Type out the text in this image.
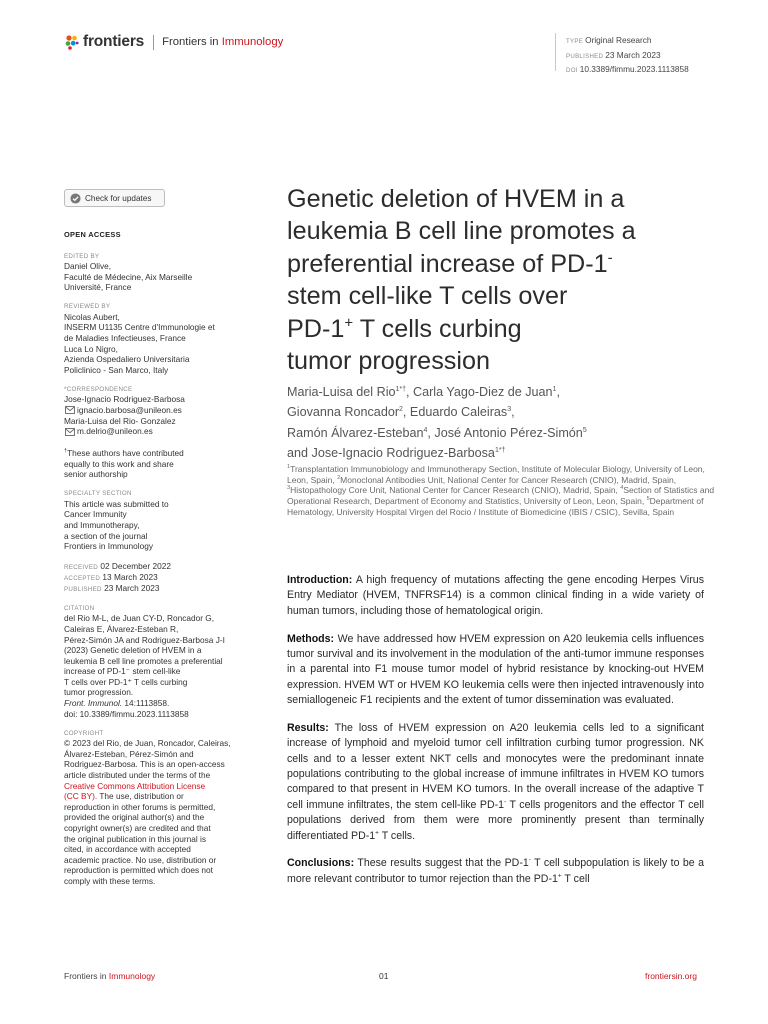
frontiers Frontiers in Immunology	TYPE Original Research
PUBLISHED 23 March 2023
DOI 10.3389/fimmu.2023.1113858
Check for updates
OPEN ACCESS
EDITED BY
Daniel Olive,
Faculté de Médecine, Aix Marseille
Université, France
REVIEWED BY
Nicolas Aubert,
INSERM U1135 Centre d'Immunologie et
de Maladies Infectieuses, France
Luca Lo Nigro,
Azienda Ospedaliero Universitaria
Policlinico - San Marco, Italy
*CORRESPONDENCE
Jose-Ignacio Rodriguez-Barbosa
ignacio.barbosa@unileon.es
Maria-Luisa del Rio- Gonzalez
m.delrio@unileon.es
†These authors have contributed
equally to this work and share
senior authorship
SPECIALTY SECTION
This article was submitted to
Cancer Immunity
and Immunotherapy,
a section of the journal
Frontiers in Immunology
RECEIVED 02 December 2022
ACCEPTED 13 March 2023
PUBLISHED 23 March 2023
CITATION
del Rio M-L, de Juan CY-D, Roncador G,
Caleiras E, Álvarez-Esteban R,
Pérez-Simón JA and Rodriguez-Barbosa J-I
(2023) Genetic deletion of HVEM in a
leukemia B cell line promotes a preferential
increase of PD-1⁻ stem cell-like
T cells over PD-1⁺ T cells curbing
tumor progression.
Front. Immunol. 14:1113858.
doi: 10.3389/fimmu.2023.1113858
COPYRIGHT
© 2023 del Rio, de Juan, Roncador, Caleiras,
Álvarez-Esteban, Pérez-Simón and
Rodriguez-Barbosa. This is an open-access
article distributed under the terms of the
Creative Commons Attribution License
(CC BY). The use, distribution or
reproduction in other forums is permitted,
provided the original author(s) and the
copyright owner(s) are credited and that
the original publication in this journal is
cited, in accordance with accepted
academic practice. No use, distribution or
reproduction is permitted which does not
comply with these terms.
Genetic deletion of HVEM in a
leukemia B cell line promotes a
preferential increase of PD-1-
stem cell-like T cells over
PD-1+ T cells curbing
tumor progression
Maria-Luisa del Rio$^{1*\dagger}$, Carla Yago-Diez de Juan$^1$,
Giovanna Roncador$^2$, Eduardo Caleiras$^3$,
Ramón Álvarez-Esteban$^4$, José Antonio Pérez-Simón$^5$
and Jose-Ignacio Rodriguez-Barbosa$^{1*\dagger}$
$^1$Transplantation Immunobiology and Immunotherapy Section, Institute of Molecular Biology, University of Leon, Leon, Spain, $^2$Monoclonal Antibodies Unit, National Center for Cancer Research (CNIO), Madrid, Spain, $^3$Histopathology Core Unit, National Center for Cancer Research (CNIO), Madrid, Spain, $^4$Section of Statistics and Operational Research, Department of Economy and Statistics, University of Leon, Leon, Spain, $^5$Department of Hematology, University Hospital Virgen del Rocio / Institute of Biomedicine (IBIS / CSIC), Sevilla, Spain

Introduction: A high frequency of mutations affecting the gene encoding Herpes Virus Entry Mediator (HVEM, TNFRSF14) is a common clinical finding in a wide variety of human tumors, including those of hematological origin.

Methods: We have addressed how HVEM expression on A20 leukemia cells influences tumor survival and its involvement in the modulation of the anti-tumor immune responses in a parental into F1 mouse tumor model of hybrid resistance by knocking-out HVEM expression. HVEM WT or HVEM KO leukemia cells were then injected intravenously into semiallogeneic F1 recipients and the extent of tumor dissemination was evaluated.

Results: The loss of HVEM expression on A20 leukemia cells led to a significant increase of lymphoid and myeloid tumor cell infiltration curbing tumor progression. NK cells and to a lesser extent NKT cells and monocytes were the predominant innate populations contributing to the global increase of immune infiltrates in HVEM KO tumors compared to that present in HVEM KO tumors. In the overall increase of the adaptive T cell immune infiltrates, the stem cell-like PD-1- T cells progenitors and the effector T cell populations derived from them were more prominently present than terminally differentiated PD-1+ T cells.

Conclusions: These results suggest that the PD-1- T cell subpopulation is likely to be a more relevant contributor to tumor rejection than the PD-1+ T cell

Frontiers in Immunology	01	frontiersin.org
